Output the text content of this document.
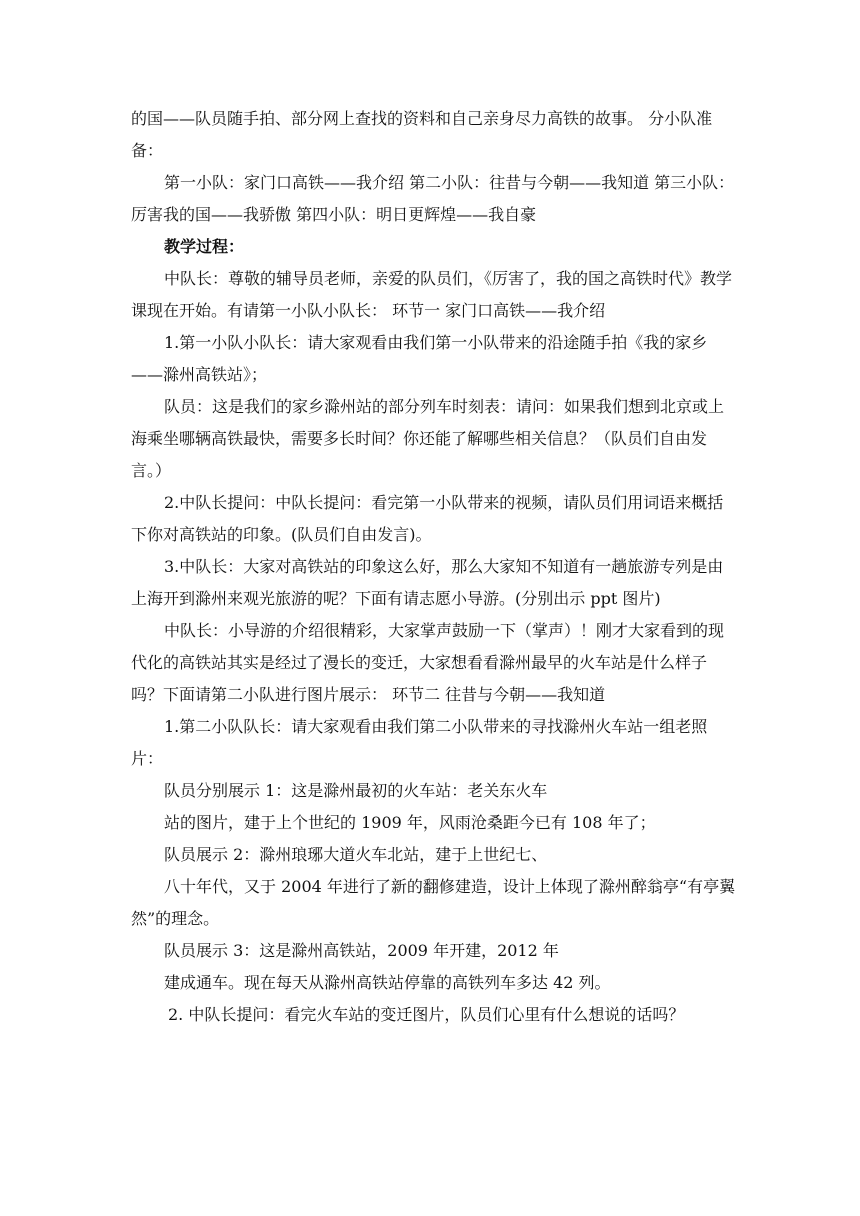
的国——队员随手拍、部分网上查找的资料和自己亲身尽力高铁的故事。 分小队准备：

第一小队：家门口高铁——我介绍 第二小队：往昔与今朝——我知道 第三小队：厉害我的国——我骄傲 第四小队：明日更辉煌——我自豪

教学过程：

中队长：尊敬的辅导员老师，亲爱的队员们，《厉害了，我的国之高铁时代》教学课现在开始。有请第一小队小队长： 环节一 家门口高铁——我介绍

1.第一小队小队长：请大家观看由我们第一小队带来的沿途随手拍《我的家乡——滁州高铁站》；

队员：这是我们的家乡滁州站的部分列车时刻表：请问：如果我们想到北京或上海乘坐哪辆高铁最快，需要多长时间？你还能了解哪些相关信息？（队员们自由发言。）

2.中队长提问：中队长提问：看完第一小队带来的视频，请队员们用词语来概括下你对高铁站的印象。(队员们自由发言)。

3.中队长：大家对高铁站的印象这么好，那么大家知不知道有一趟旅游专列是由上海开到滁州来观光旅游的呢？下面有请志愿小导游。(分别出示 ppt 图片)

中队长：小导游的介绍很精彩，大家掌声鼓励一下（掌声）！刚才大家看到的现代化的高铁站其实是经过了漫长的变迁，大家想看看滁州最早的火车站是什么样子吗？下面请第二小队进行图片展示： 环节二 往昔与今朝——我知道

1.第二小队队长：请大家观看由我们第二小队带来的寻找滁州火车站一组老照片：

队员分别展示 1：这是滁州最初的火车站：老关东火车

站的图片，建于上个世纪的 1909 年，风雨沧桑距今已有 108 年了；

队员展示 2：滁州琅琊大道火车北站，建于上世纪七、

八十年代，又于 2004 年进行了新的翻修建造，设计上体现了滁州醉翁亭“有亭翼然”的理念。

队员展示 3：这是滁州高铁站，2009 年开建，2012 年

建成通车。现在每天从滁州高铁站停靠的高铁列车多达 42 列。

2. 中队长提问：看完火车站的变迁图片，队员们心里有什么想说的话吗？
